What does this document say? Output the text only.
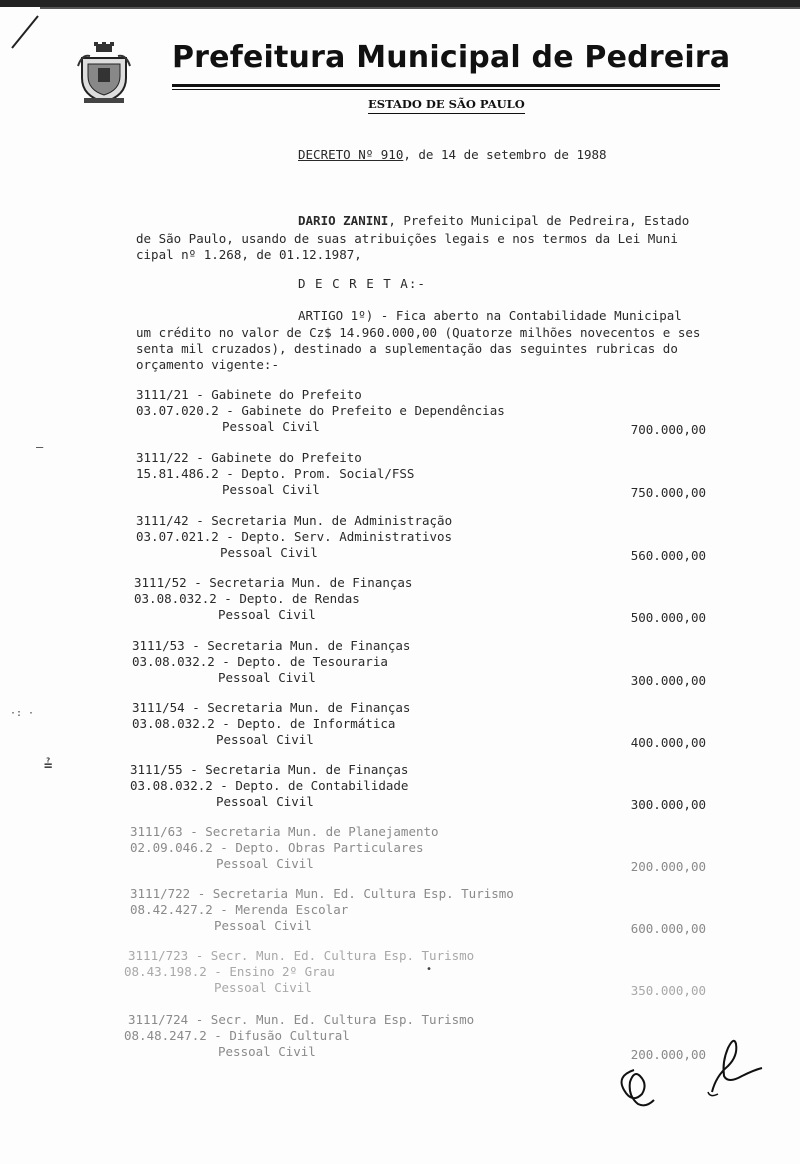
Prefeitura Municipal de Pedreira
ESTADO DE SÃO PAULO
DECRETO Nº 910, de 14 de setembro de 1988
DARIO ZANINI, Prefeito Municipal de Pedreira, Estado
de São Paulo, usando de suas atribuições legais e nos termos da Lei Muni
cipal nº 1.268, de 01.12.1987,
D E C R E T A:-
ARTIGO 1º) - Fica aberto na Contabilidade Municipal
um crédito no valor de Cz$ 14.960.000,00 (Quatorze milhões novecentos e ses
senta mil cruzados), destinado a suplementação das seguintes rubricas do
orçamento vigente:-
3111/21 - Gabinete do Prefeito
03.07.020.2 - Gabinete do Prefeito e Dependências
Pessoal Civil	700.000,00
3111/22 - Gabinete do Prefeito
15.81.486.2 - Depto. Prom. Social/FSS
Pessoal Civil	750.000,00
3111/42 - Secretaria Mun. de Administração
03.07.021.2 - Depto. Serv. Administrativos
Pessoal Civil	560.000,00
3111/52 - Secretaria Mun. de Finanças
03.08.032.2 - Depto. de Rendas
Pessoal Civil	500.000,00
3111/53 - Secretaria Mun. de Finanças
03.08.032.2 - Depto. de Tesouraria
Pessoal Civil	300.000,00
3111/54 - Secretaria Mun. de Finanças
03.08.032.2 - Depto. de Informática
Pessoal Civil	400.000,00
3111/55 - Secretaria Mun. de Finanças
03.08.032.2 - Depto. de Contabilidade
Pessoal Civil	300.000,00
3111/63 - Secretaria Mun. de Planejamento
02.09.046.2 - Depto. Obras Particulares
Pessoal Civil	200.000,00
3111/722 - Secretaria Mun. Ed. Cultura Esp. Turismo
08.42.427.2 - Merenda Escolar
Pessoal Civil	600.000,00
3111/723 - Secr. Mun. Ed. Cultura Esp. Turismo
08.43.198.2 - Ensino 2º Grau
Pessoal Civil	350.000,00
3111/724 - Secr. Mun. Ed. Cultura Esp. Turismo
08.48.247.2 - Difusão Cultural
Pessoal Civil	200.000,00
–
·: ·
≟
•
